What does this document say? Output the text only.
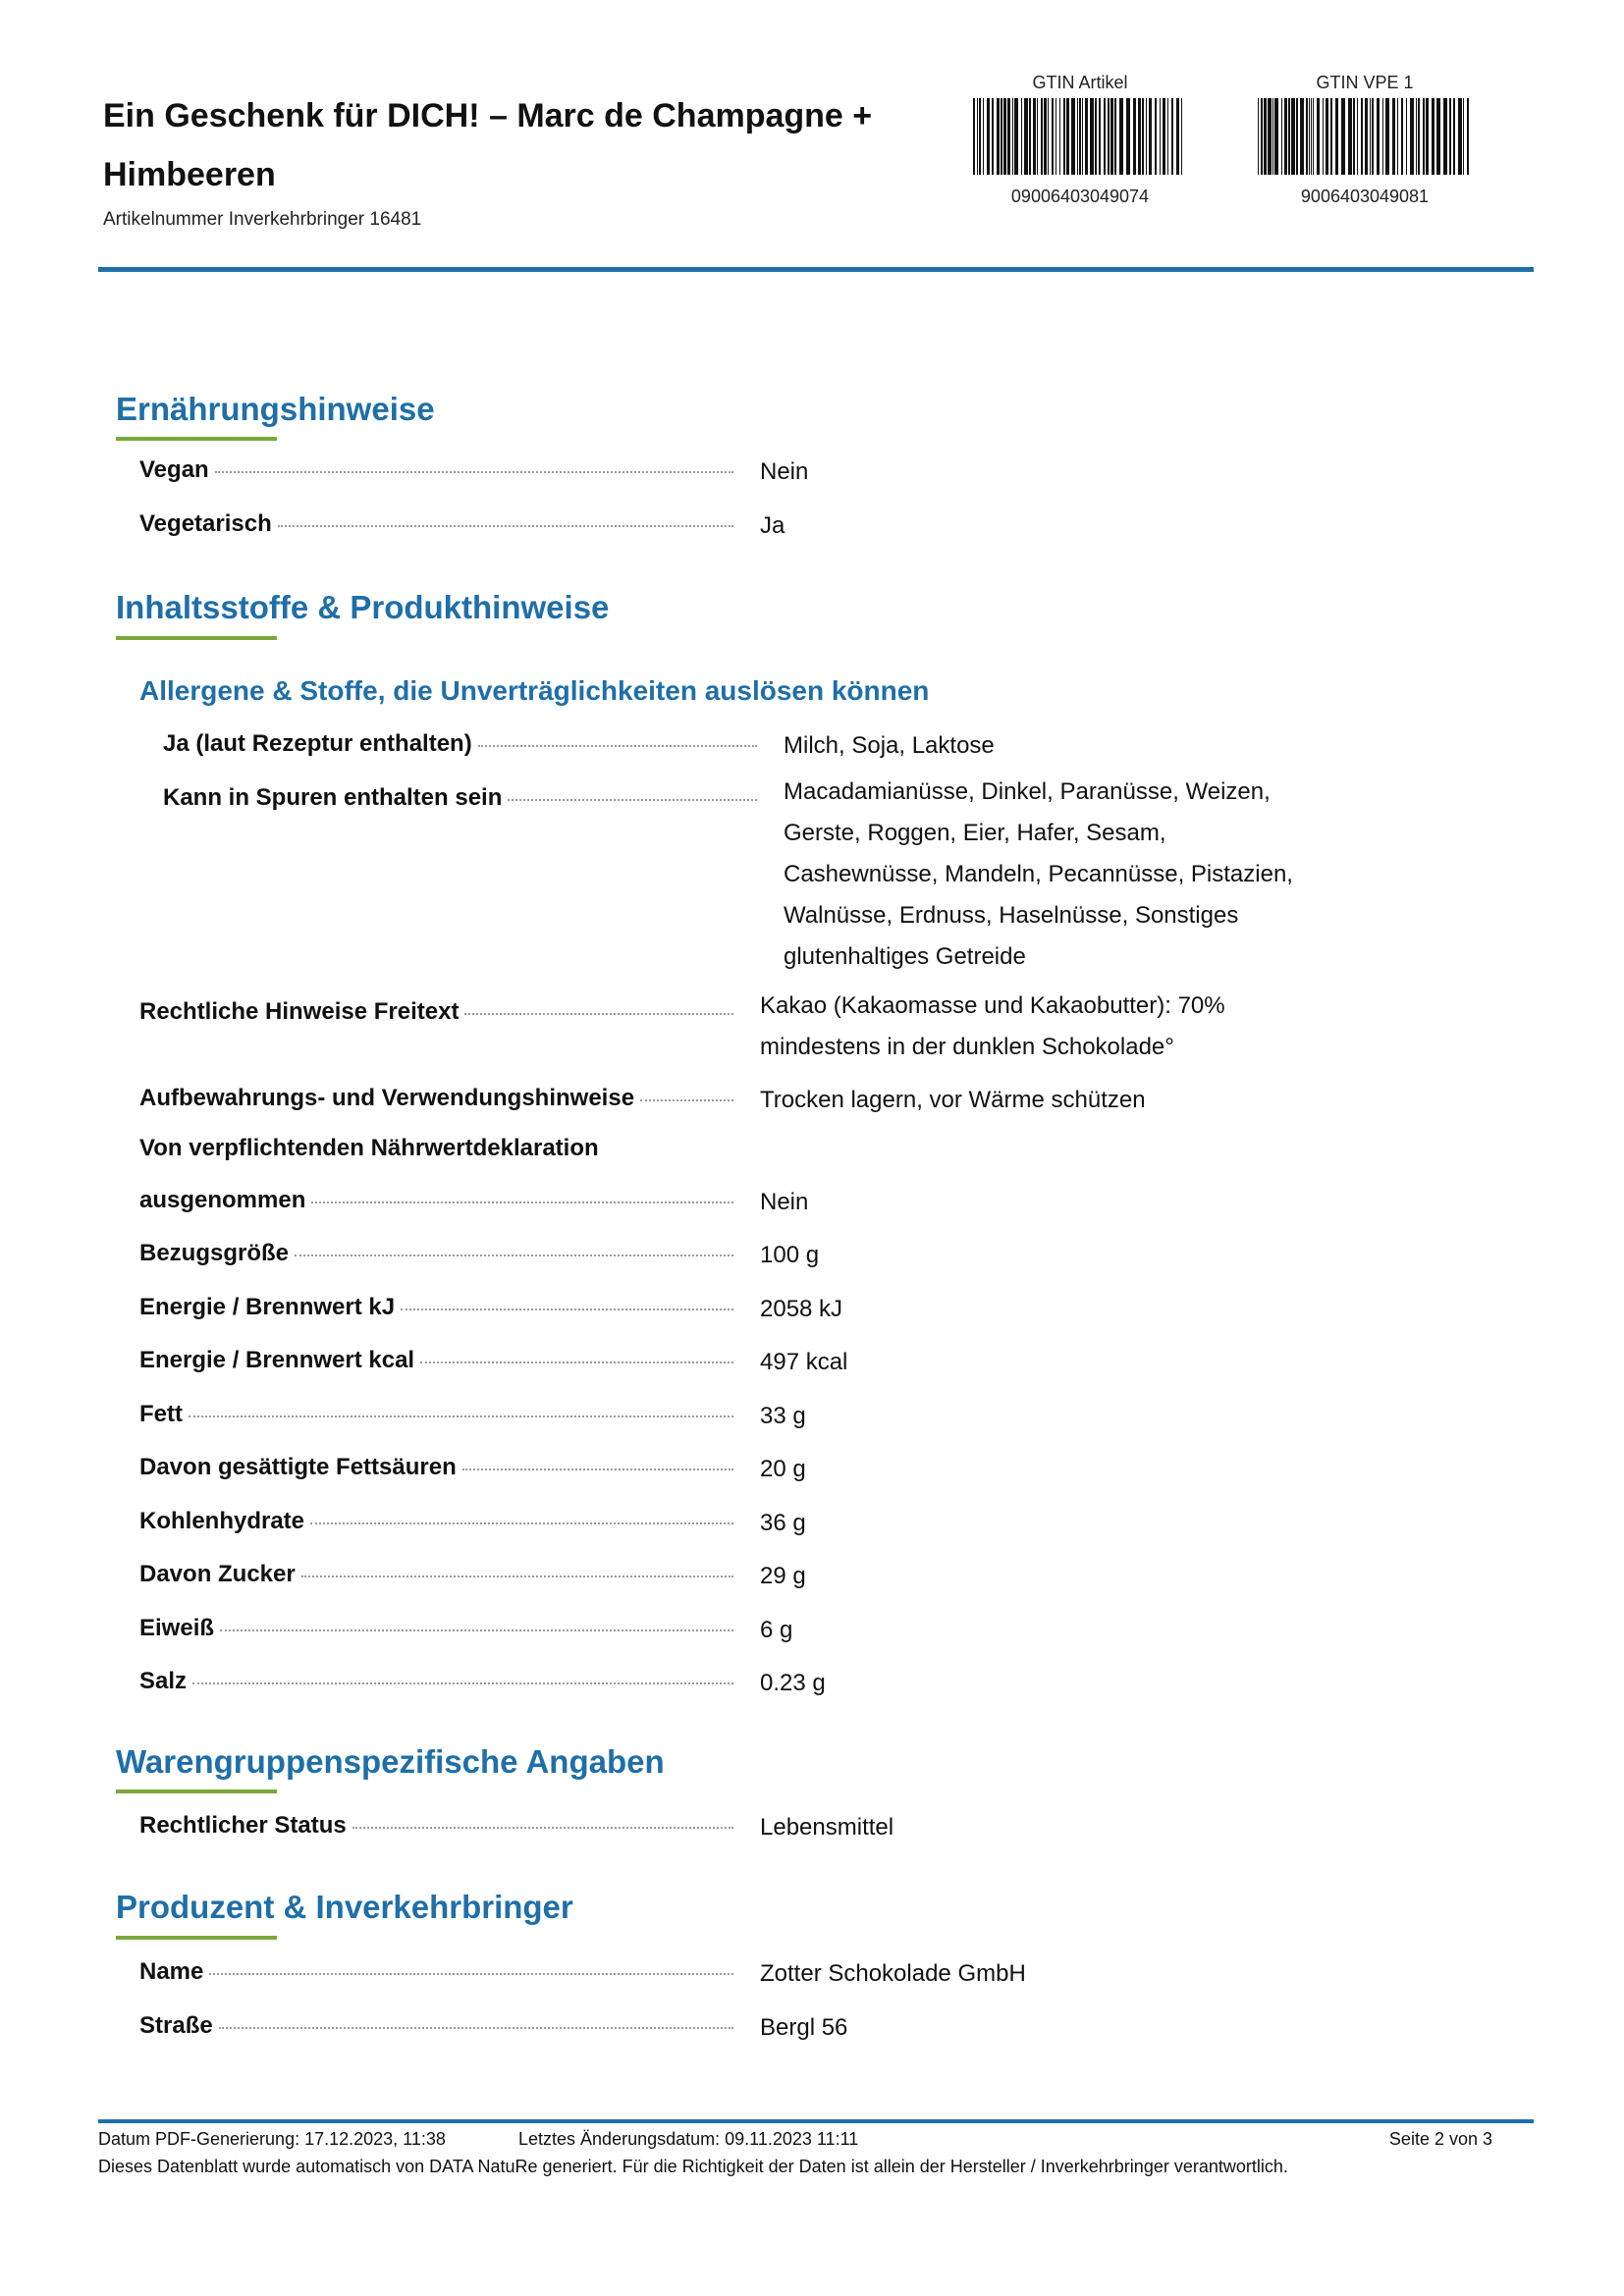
Ein Geschenk für DICH! – Marc de Champagne + Himbeeren
Artikelnummer Inverkehrbringer 16481
GTIN Artikel
09006403049074
GTIN VPE 1
9006403049081
Ernährungshinweise
Vegan	Nein
Vegetarisch	Ja
Inhaltsstoffe & Produkthinweise
Allergene & Stoffe, die Unverträglichkeiten auslösen können
Ja (laut Rezeptur enthalten)	Milch, Soja, Laktose
Kann in Spuren enthalten sein	Macadamianüsse, Dinkel, Paranüsse, Weizen,
Gerste, Roggen, Eier, Hafer, Sesam,
Cashewnüsse, Mandeln, Pecannüsse, Pistazien,
Walnüsse, Erdnuss, Haselnüsse, Sonstiges
glutenhaltiges Getreide
Rechtliche Hinweise Freitext	Kakao (Kakaomasse und Kakaobutter): 70%
mindestens in der dunklen Schokolade°
Aufbewahrungs- und Verwendungshinweise	Trocken lagern, vor Wärme schützen
Von verpflichtenden Nährwertdeklaration
ausgenommen	Nein
Bezugsgröße	100 g
Energie / Brennwert kJ	2058 kJ
Energie / Brennwert kcal	497 kcal
Fett	33 g
Davon gesättigte Fettsäuren	20 g
Kohlenhydrate	36 g
Davon Zucker	29 g
Eiweiß	6 g
Salz	0.23 g
Warengruppenspezifische Angaben
Rechtlicher Status	Lebensmittel
Produzent & Inverkehrbringer
Name	Zotter Schokolade GmbH
Straße	Bergl 56
Datum PDF-Generierung: 17.12.2023, 11:38	Letztes Änderungsdatum: 09.11.2023 11:11	Seite 2 von 3
Dieses Datenblatt wurde automatisch von DATA NatuRe generiert. Für die Richtigkeit der Daten ist allein der Hersteller / Inverkehrbringer verantwortlich.
